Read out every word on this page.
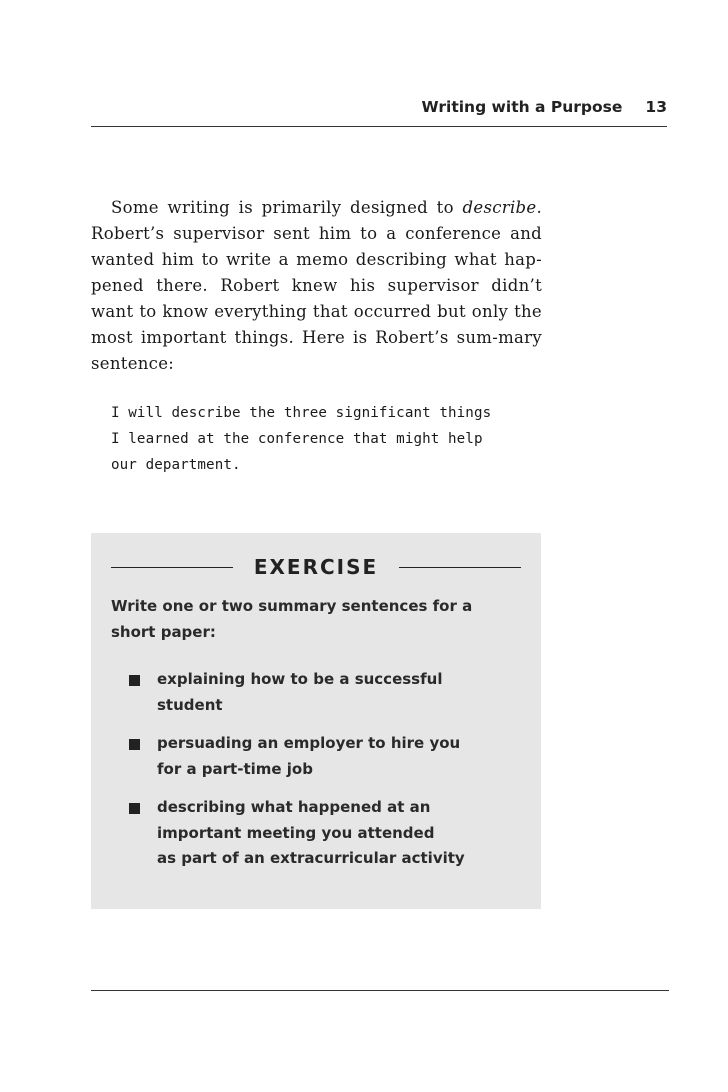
Writing with a Purpose 13

Some writing is primarily designed to describe. Robert’s supervisor sent him to a conference and wanted him to write a memo describing what hap-pened there. Robert knew his supervisor didn’t want to know everything that occurred but only the most important things. Here is Robert’s sum-mary sentence:

I will describe the three significant things
I learned at the conference that might help
our department.
EXERCISE

Write one or two summary sentences for a short paper:

explaining how to be a successful
student
persuading an employer to hire you
for a part-time job
describing what happened at an
important meeting you attended
as part of an extracurricular activity
